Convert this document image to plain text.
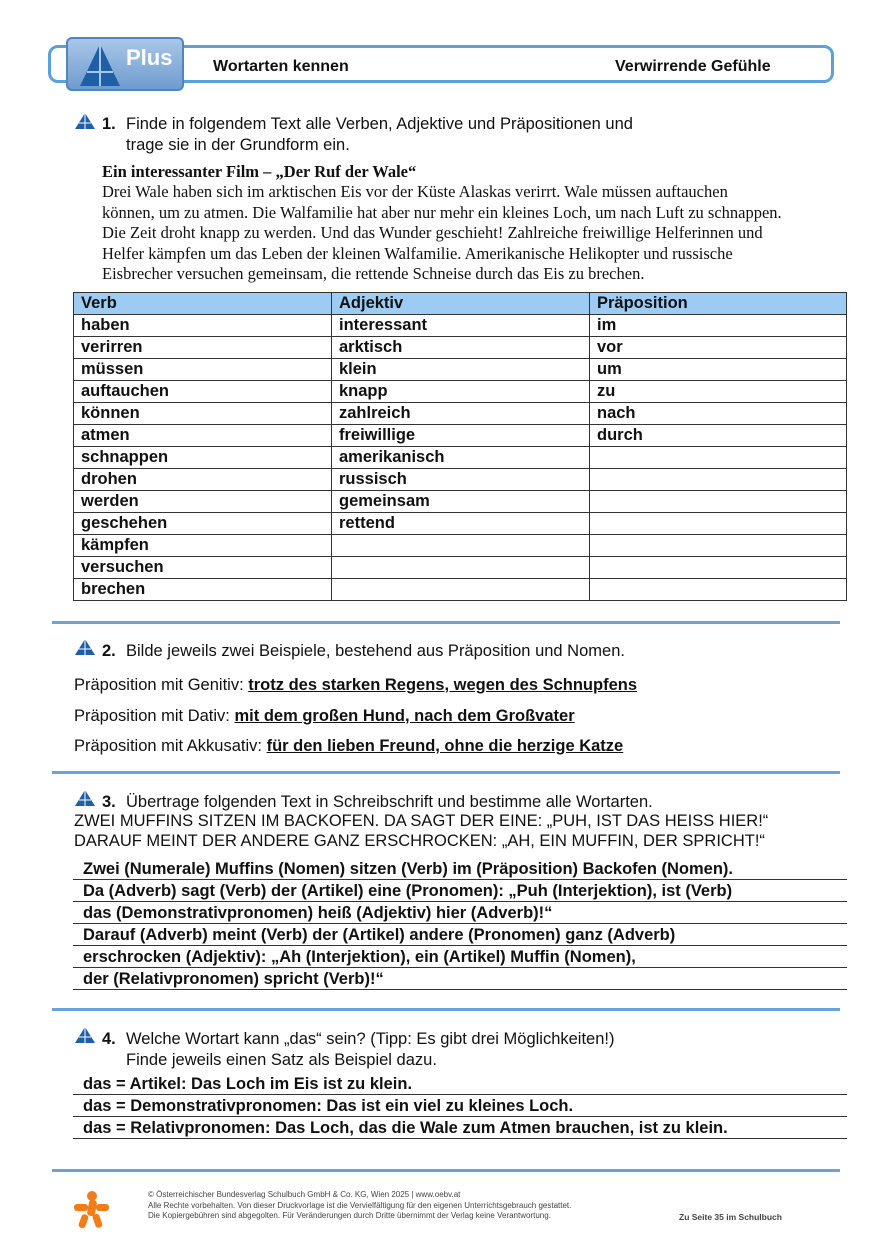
Plus	Wortarten kennen	Verwirrende Gefühle
1. Finde in folgendem Text alle Verben, Adjektive und Präpositionen und
trage sie in der Grundform ein.
Ein interessanter Film – „Der Ruf der Wale“
Drei Wale haben sich im arktischen Eis vor der Küste Alaskas verirrt. Wale müssen auftauchen
können, um zu atmen. Die Walfamilie hat aber nur mehr ein kleines Loch, um nach Luft zu schnappen.
Die Zeit droht knapp zu werden. Und das Wunder geschieht! Zahlreiche freiwillige Helferinnen und
Helfer kämpfen um das Leben der kleinen Walfamilie. Amerikanische Helikopter und russische
Eisbrecher versuchen gemeinsam, die rettende Schneise durch das Eis zu brechen.
Verb	Adjektiv	Präposition
haben	interessant	im
verirren	arktisch	vor
müssen	klein	um
auftauchen	knapp	zu
können	zahlreich	nach
atmen	freiwillige	durch
schnappen	amerikanisch	
drohen	russisch	
werden	gemeinsam	
geschehen	rettend	
kämpfen		
versuchen		
brechen		
2. Bilde jeweils zwei Beispiele, bestehend aus Präposition und Nomen.
Präposition mit Genitiv: trotz des starken Regens, wegen des Schnupfens
Präposition mit Dativ: mit dem großen Hund, nach dem Großvater
Präposition mit Akkusativ: für den lieben Freund, ohne die herzige Katze
3. Übertrage folgenden Text in Schreibschrift und bestimme alle Wortarten.
ZWEI MUFFINS SITZEN IM BACKOFEN. DA SAGT DER EINE: „PUH, IST DAS HEISS HIER!“
DARAUF MEINT DER ANDERE GANZ ERSCHROCKEN: „AH, EIN MUFFIN, DER SPRICHT!“
Zwei (Numerale) Muffins (Nomen) sitzen (Verb) im (Präposition) Backofen (Nomen).
Da (Adverb) sagt (Verb) der (Artikel) eine (Pronomen): „Puh (Interjektion), ist (Verb)
das (Demonstrativpronomen) heiß (Adjektiv) hier (Adverb)!“
Darauf (Adverb) meint (Verb) der (Artikel) andere (Pronomen) ganz (Adverb)
erschrocken (Adjektiv): „Ah (Interjektion), ein (Artikel) Muffin (Nomen),
der (Relativpronomen) spricht (Verb)!“
4. Welche Wortart kann „das“ sein? (Tipp: Es gibt drei Möglichkeiten!)
Finde jeweils einen Satz als Beispiel dazu.
das = Artikel: Das Loch im Eis ist zu klein.
das = Demonstrativpronomen: Das ist ein viel zu kleines Loch.
das = Relativpronomen: Das Loch, das die Wale zum Atmen brauchen, ist zu klein.
© Österreichischer Bundesverlag Schulbuch GmbH & Co. KG, Wien 2025 | www.oebv.at
Alle Rechte vorbehalten. Von dieser Druckvorlage ist die Vervielfältigung für den eigenen Unterrichtsgebrauch gestattet.
Die Kopiergebühren sind abgegolten. Für Veränderungen durch Dritte übernimmt der Verlag keine Verantwortung.	Zu Seite 35 im Schulbuch
